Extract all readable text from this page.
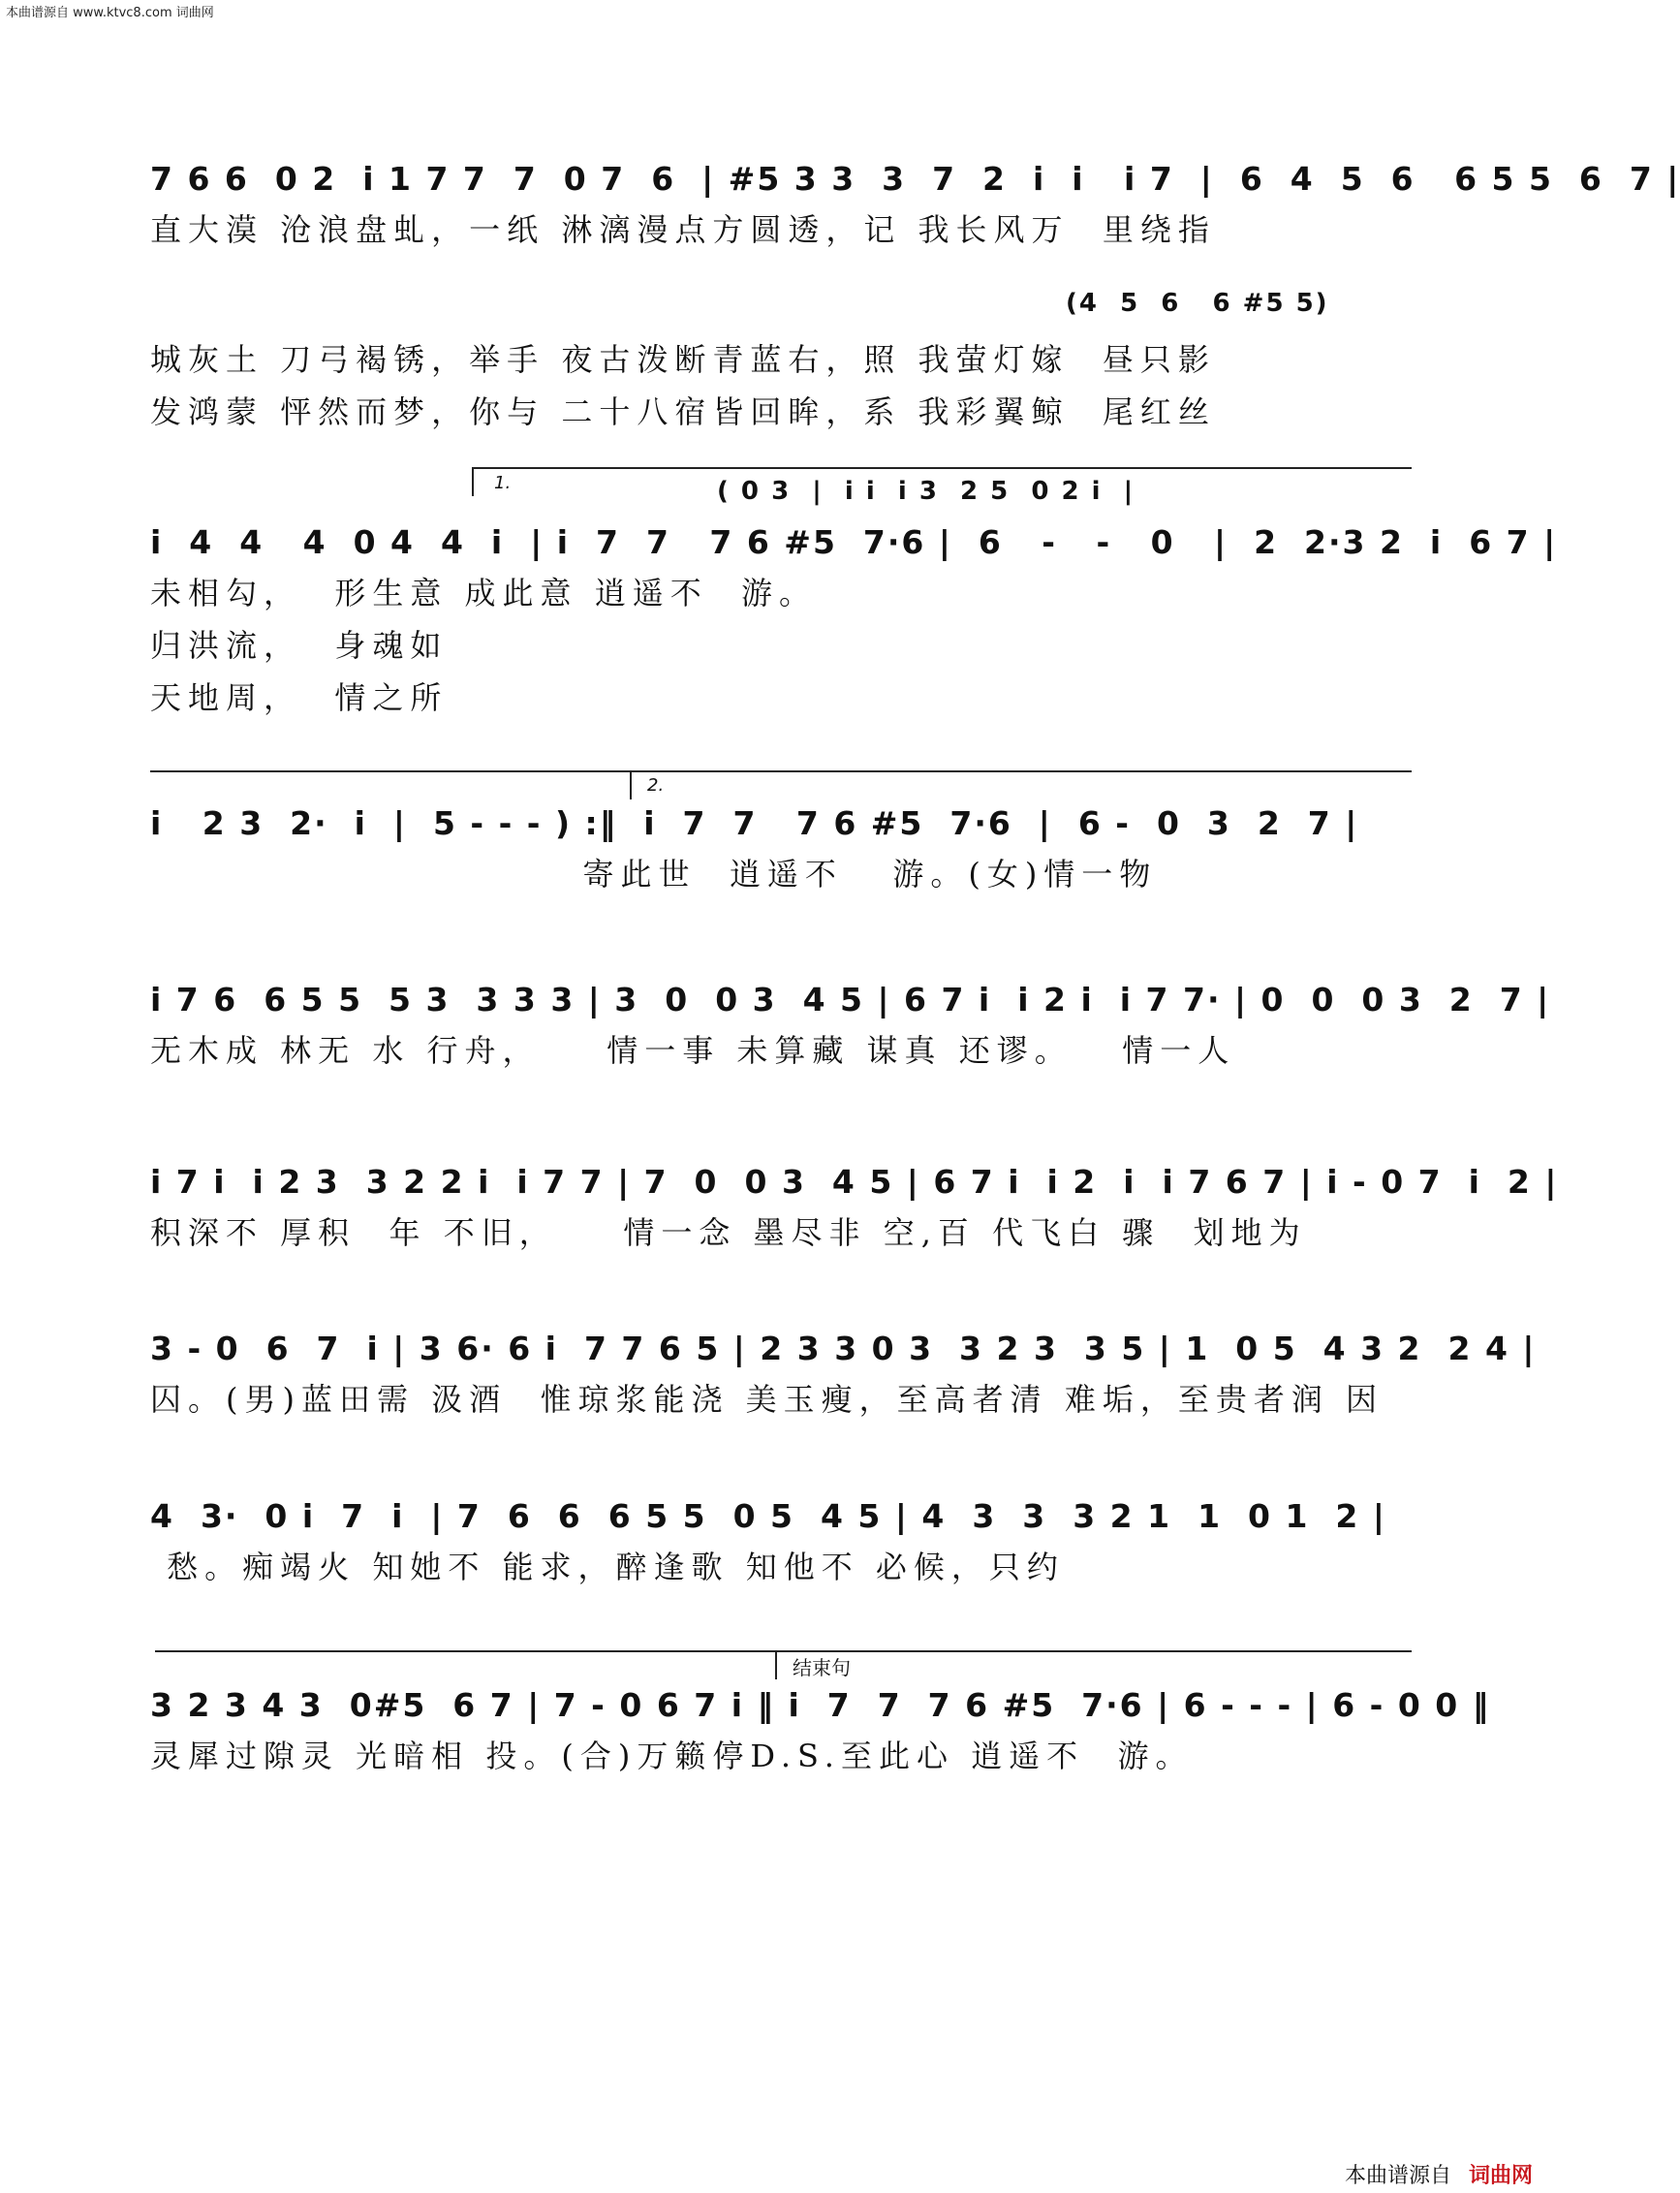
本曲谱源自 www.ktvc8.com 词曲网
7 6 6  0 2  i 1 7 7  7  0 7  6  | #5 3 3  3  7  2  i  i   i 7  |  6  4  5  6   6 5 5  6  7 |
直大漠 沧浪盘虬，一纸 淋漓漫点方圆透，记 我长风万  里绕指
(4  5  6   6 #5 5)
城灰土 刀弓褐锈，举手 夜古泼断青蓝右，照 我萤灯嫁  昼只影
发鸿蒙 怦然而梦，你与 二十八宿皆回眸，系 我彩翼鲸  尾红丝
1.	( 0 3  |  i i  i 3  2 5  0 2 i  |
i  4  4   4  0 4  4  i  | i  7  7   7 6 #5  7·6 |  6   -   -   0   |  2  2·3 2  i  6 7 |
未相勾，  形生意 成此意 逍遥不  游。
归洪流，  身魂如
天地周，  情之所
2.
i   2 3  2·  i  |  5 - - - ) :‖  i  7  7   7 6 #5  7·6  |  6 -  0  3  2  7 |
寄此世  逍遥不   游。(女)情一物
i 7 6  6 5 5  5 3  3 3 3 | 3  0  0 3  4 5 | 6 7 i  i 2 i  i 7 7· | 0  0  0 3  2  7 |
无木成 林无 水 行舟，    情一事 未算藏 谋真 还谬。   情一人
i 7 i  i 2 3  3 2 2 i  i 7 7 | 7  0  0 3  4 5 | 6 7 i  i 2  i  i 7 6 7 | i - 0 7  i  2 |
积深不 厚积  年 不旧，    情一念 墨尽非 空,百 代飞白 骤  划地为
3 - 0  6  7  i | 3 6· 6 i  7 7 6 5 | 2 3 3 0 3  3 2 3  3 5 | 1  0 5  4 3 2  2 4 |
囚。(男)蓝田需 汲酒  惟琼浆能浇 美玉瘦，至高者清 难垢，至贵者润 因
4  3·  0 i  7  i  | 7  6  6  6 5 5  0 5  4 5 | 4  3  3  3 2 1  1  0 1  2 |
愁。痴竭火 知她不 能求，醉逢歌 知他不 必候，只约
结束句
3 2 3 4 3  0#5  6 7 | 7 - 0 6 7 i ‖ i  7  7  7 6 #5  7·6 | 6 - - - | 6 - 0 0 ‖
灵犀过隙灵 光暗相 投。(合)万籁停D.S.至此心 逍遥不  游。
本曲谱源自 词曲网
